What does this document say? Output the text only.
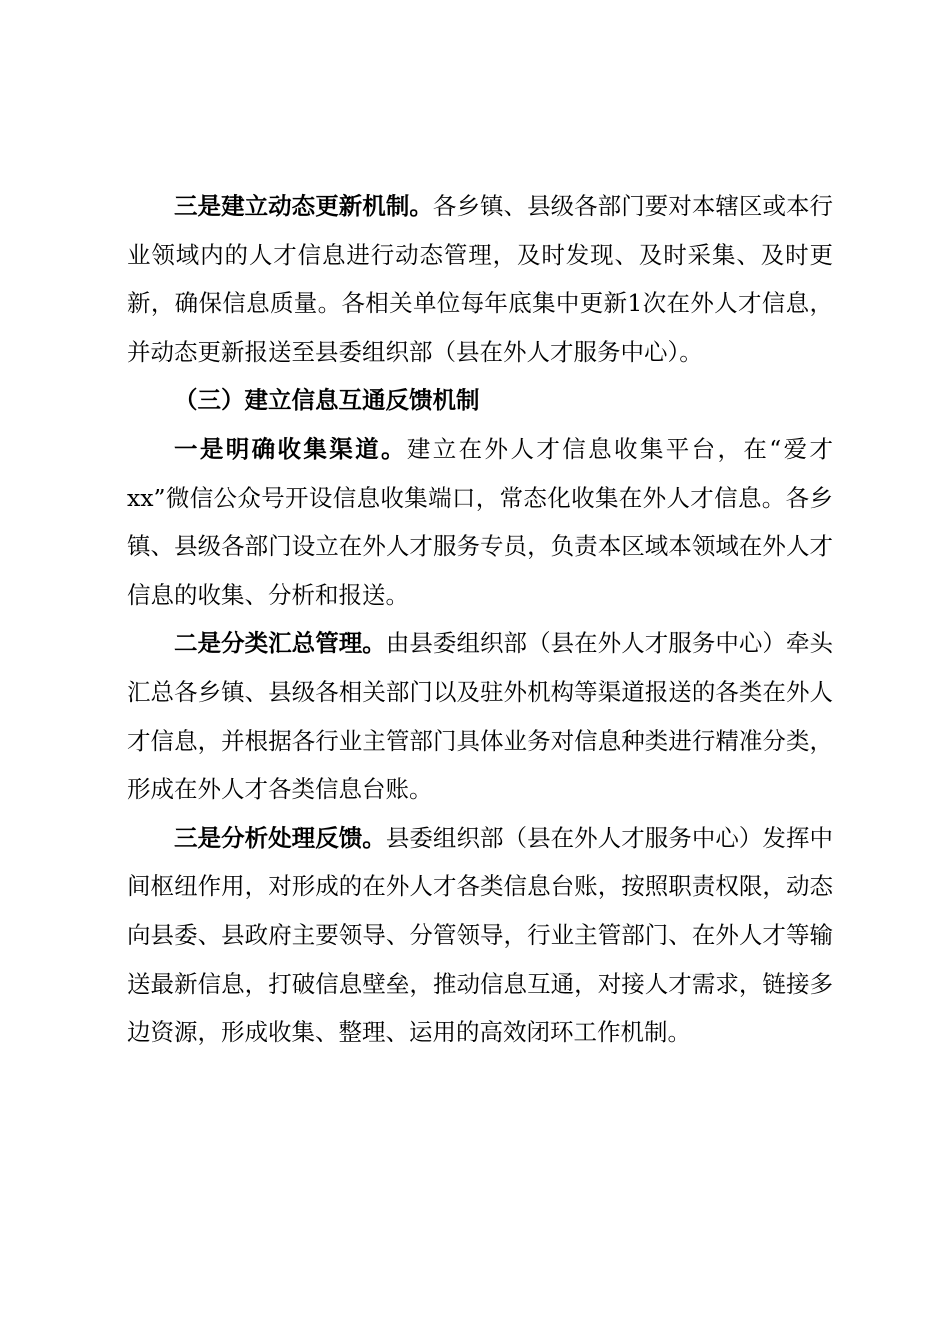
三是建立动态更新机制。各乡镇、县级各部门要对本辖区或本行业领域内的人才信息进行动态管理，及时发现、及时采集、及时更新，确保信息质量。各相关单位每年底集中更新1次在外人才信息，并动态更新报送至县委组织部（县在外人才服务中心）。

（三）建立信息互通反馈机制

一是明确收集渠道。建立在外人才信息收集平台，在“爱才xx”微信公众号开设信息收集端口，常态化收集在外人才信息。各乡镇、县级各部门设立在外人才服务专员，负责本区域本领域在外人才信息的收集、分析和报送。

二是分类汇总管理。由县委组织部（县在外人才服务中心）牵头汇总各乡镇、县级各相关部门以及驻外机构等渠道报送的各类在外人才信息，并根据各行业主管部门具体业务对信息种类进行精准分类，形成在外人才各类信息台账。

三是分析处理反馈。县委组织部（县在外人才服务中心）发挥中间枢纽作用，对形成的在外人才各类信息台账，按照职责权限，动态向县委、县政府主要领导、分管领导，行业主管部门、在外人才等输送最新信息，打破信息壁垒，推动信息互通，对接人才需求，链接多边资源，形成收集、整理、运用的高效闭环工作机制。
